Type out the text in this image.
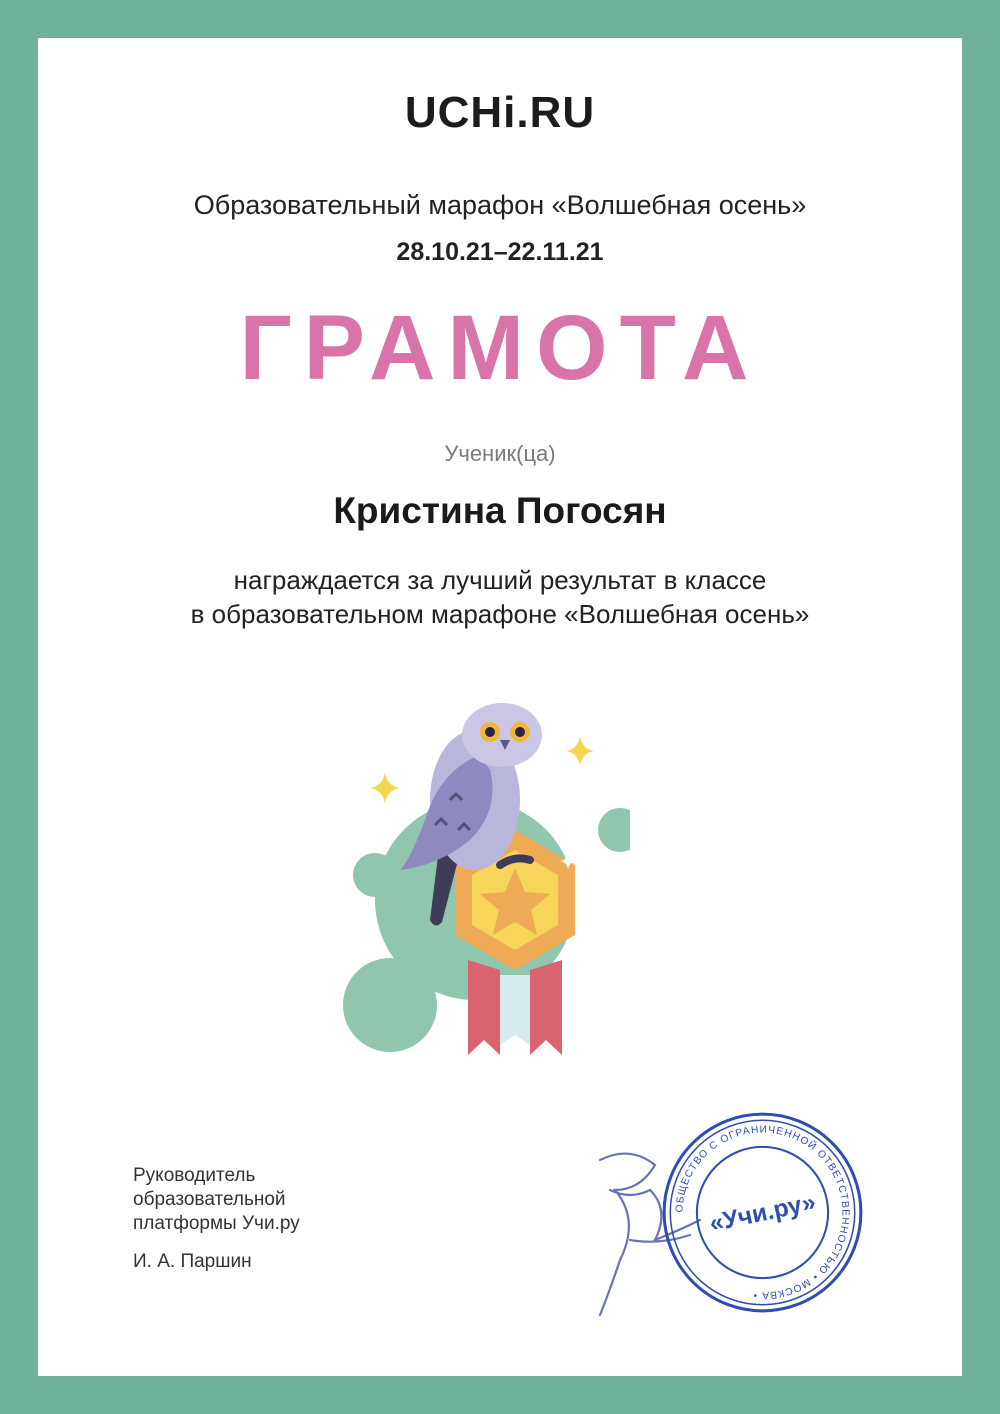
UCHi.RU
Образовательный марафон «Волшебная осень»
28.10.21–22.11.21
ГРАМОТА
Ученик(ца)
Кристина Погосян
награждается за лучший результат в классе
в образовательном марафоне «Волшебная осень»
Руководитель
образовательной
платформы Учи.ру
И. А. Паршин
ОБЩЕСТВО С ОГРАНИЧЕННОЙ ОТВЕТСТВЕННОСТЬЮ • МОСКВА •
«Учи.ру»
